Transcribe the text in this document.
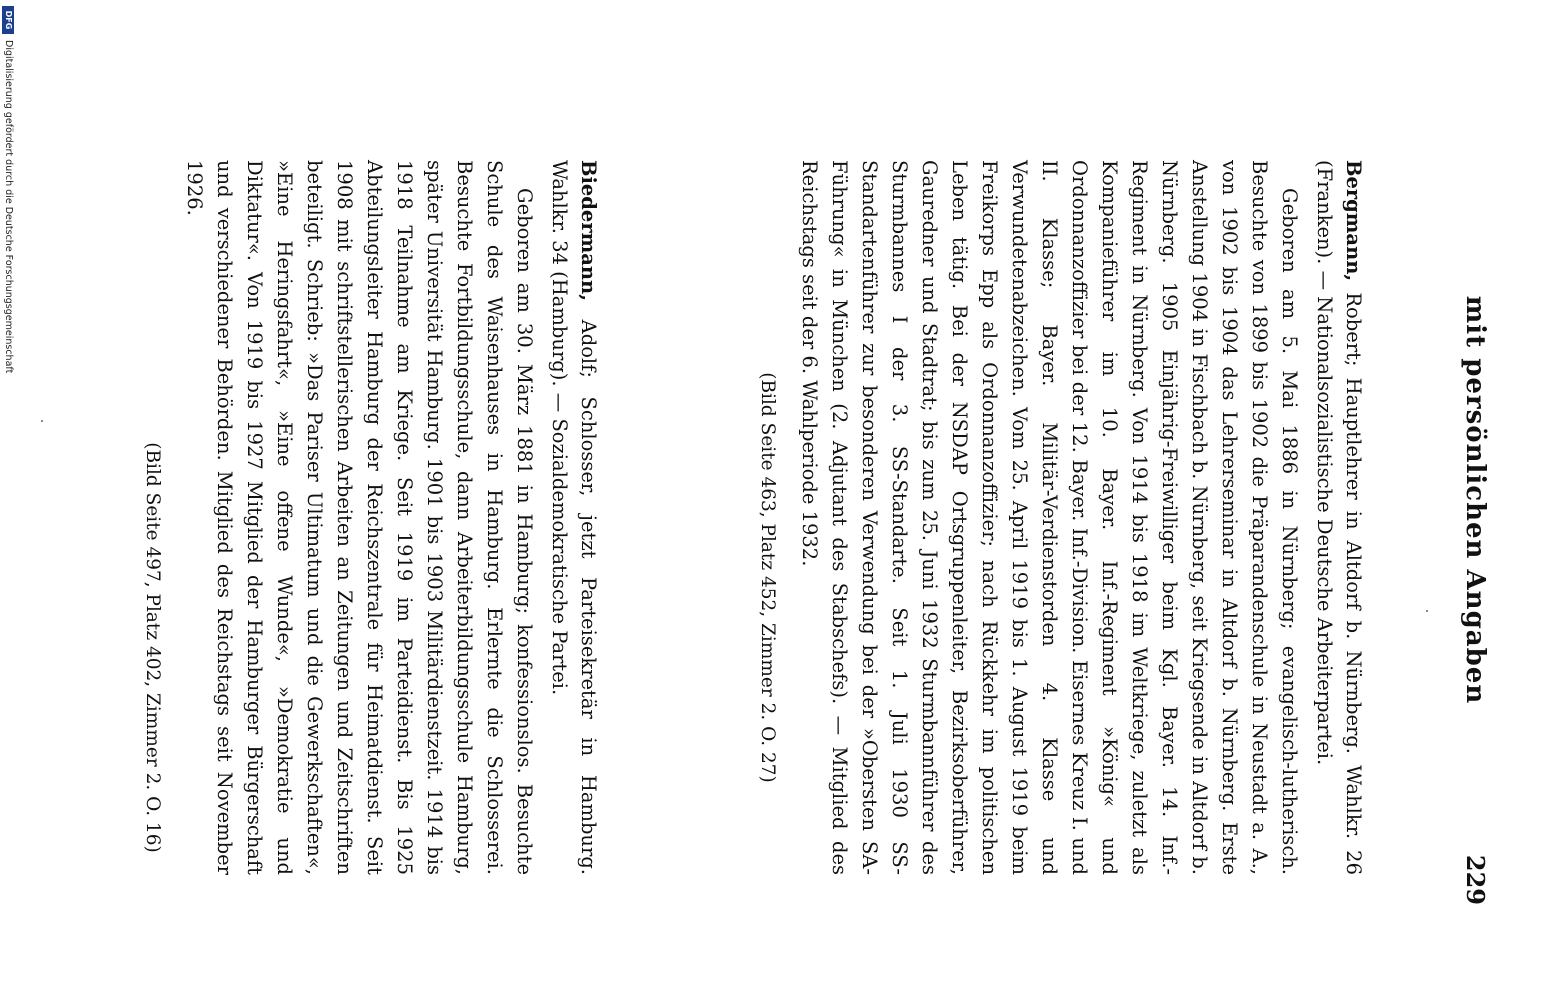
mit persönlichen Angaben
229

Bergmann, Robert; Hauptlehrer in Altdorf b. Nürnberg. Wahlkr. 26 (Franken). — Nationalsozialistische Deutsche Arbeiterpartei.

Geboren am 5. Mai 1886 in Nürnberg; evangelisch-lutherisch. Besuchte von 1899 bis 1902 die Präparandenschule in Neustadt a. A., von 1902 bis 1904 das Lehrerseminar in Altdorf b. Nürnberg. Erste Anstellung 1904 in Fischbach b. Nürnberg, seit Kriegsende in Altdorf b. Nürnberg. 1905 Einjährig-Freiwilliger beim Kgl. Bayer. 14. Inf.-Regiment in Nürnberg. Von 1914 bis 1918 im Weltkriege, zuletzt als Kompanieführer im 10. Bayer. Inf.-Regiment »König« und Ordonnanzoffizier bei der 12. Bayer. Inf.-Division. Eisernes Kreuz I. und II. Klasse; Bayer. Militär-Verdienstorden 4. Klasse und Verwundetenabzeichen. Vom 25. April 1919 bis 1. August 1919 beim Freikorps Epp als Ordonnanzoffizier; nach Rückkehr im politischen Leben tätig. Bei der NSDAP Ortsgruppenleiter, Bezirksoberführer, Gauredner und Stadtrat; bis zum 25. Juni 1932 Sturmbannführer des Sturmbannes I der 3. SS-Standarte. Seit 1. Juli 1930 SS-Standartenführer zur besonderen Verwendung bei der »Obersten SA-Führung« in München (2. Adjutant des Stabschefs). — Mitglied des Reichstags seit der 6. Wahlperiode 1932.

(Bild Seite 463, Platz 452, Zimmer 2. O. 27)

Biedermann, Adolf; Schlosser, jetzt Parteisekretär in Hamburg. Wahlkr. 34 (Hamburg). — Sozialdemokratische Partei.

Geboren am 30. März 1881 in Hamburg; konfessionslos. Besuchte Schule des Waisenhauses in Hamburg. Erlernte die Schlosserei. Besuchte Fortbildungsschule, dann Arbeiterbildungsschule Hamburg, später Universität Hamburg. 1901 bis 1903 Militärdienstzeit. 1914 bis 1918 Teilnahme am Kriege. Seit 1919 im Parteidienst. Bis 1925 Abteilungsleiter Hamburg der Reichszentrale für Heimatdienst. Seit 1908 mit schriftstellerischen Arbeiten an Zeitungen und Zeitschriften beteiligt. Schrieb: »Das Pariser Ultimatum und die Gewerkschaften«, »Eine Heringsfahrt«, »Eine offene Wunde«, »Demokratie und Diktatur«. Von 1919 bis 1927 Mitglied der Hamburger Bürgerschaft und verschiedener Behörden. Mitglied des Reichstags seit November 1926.

(Bild Seite 497, Platz 402, Zimmer 2. O. 16)

DFG
Digitalisierung gefördert durch die Deutsche Forschungsgemeinschaft
